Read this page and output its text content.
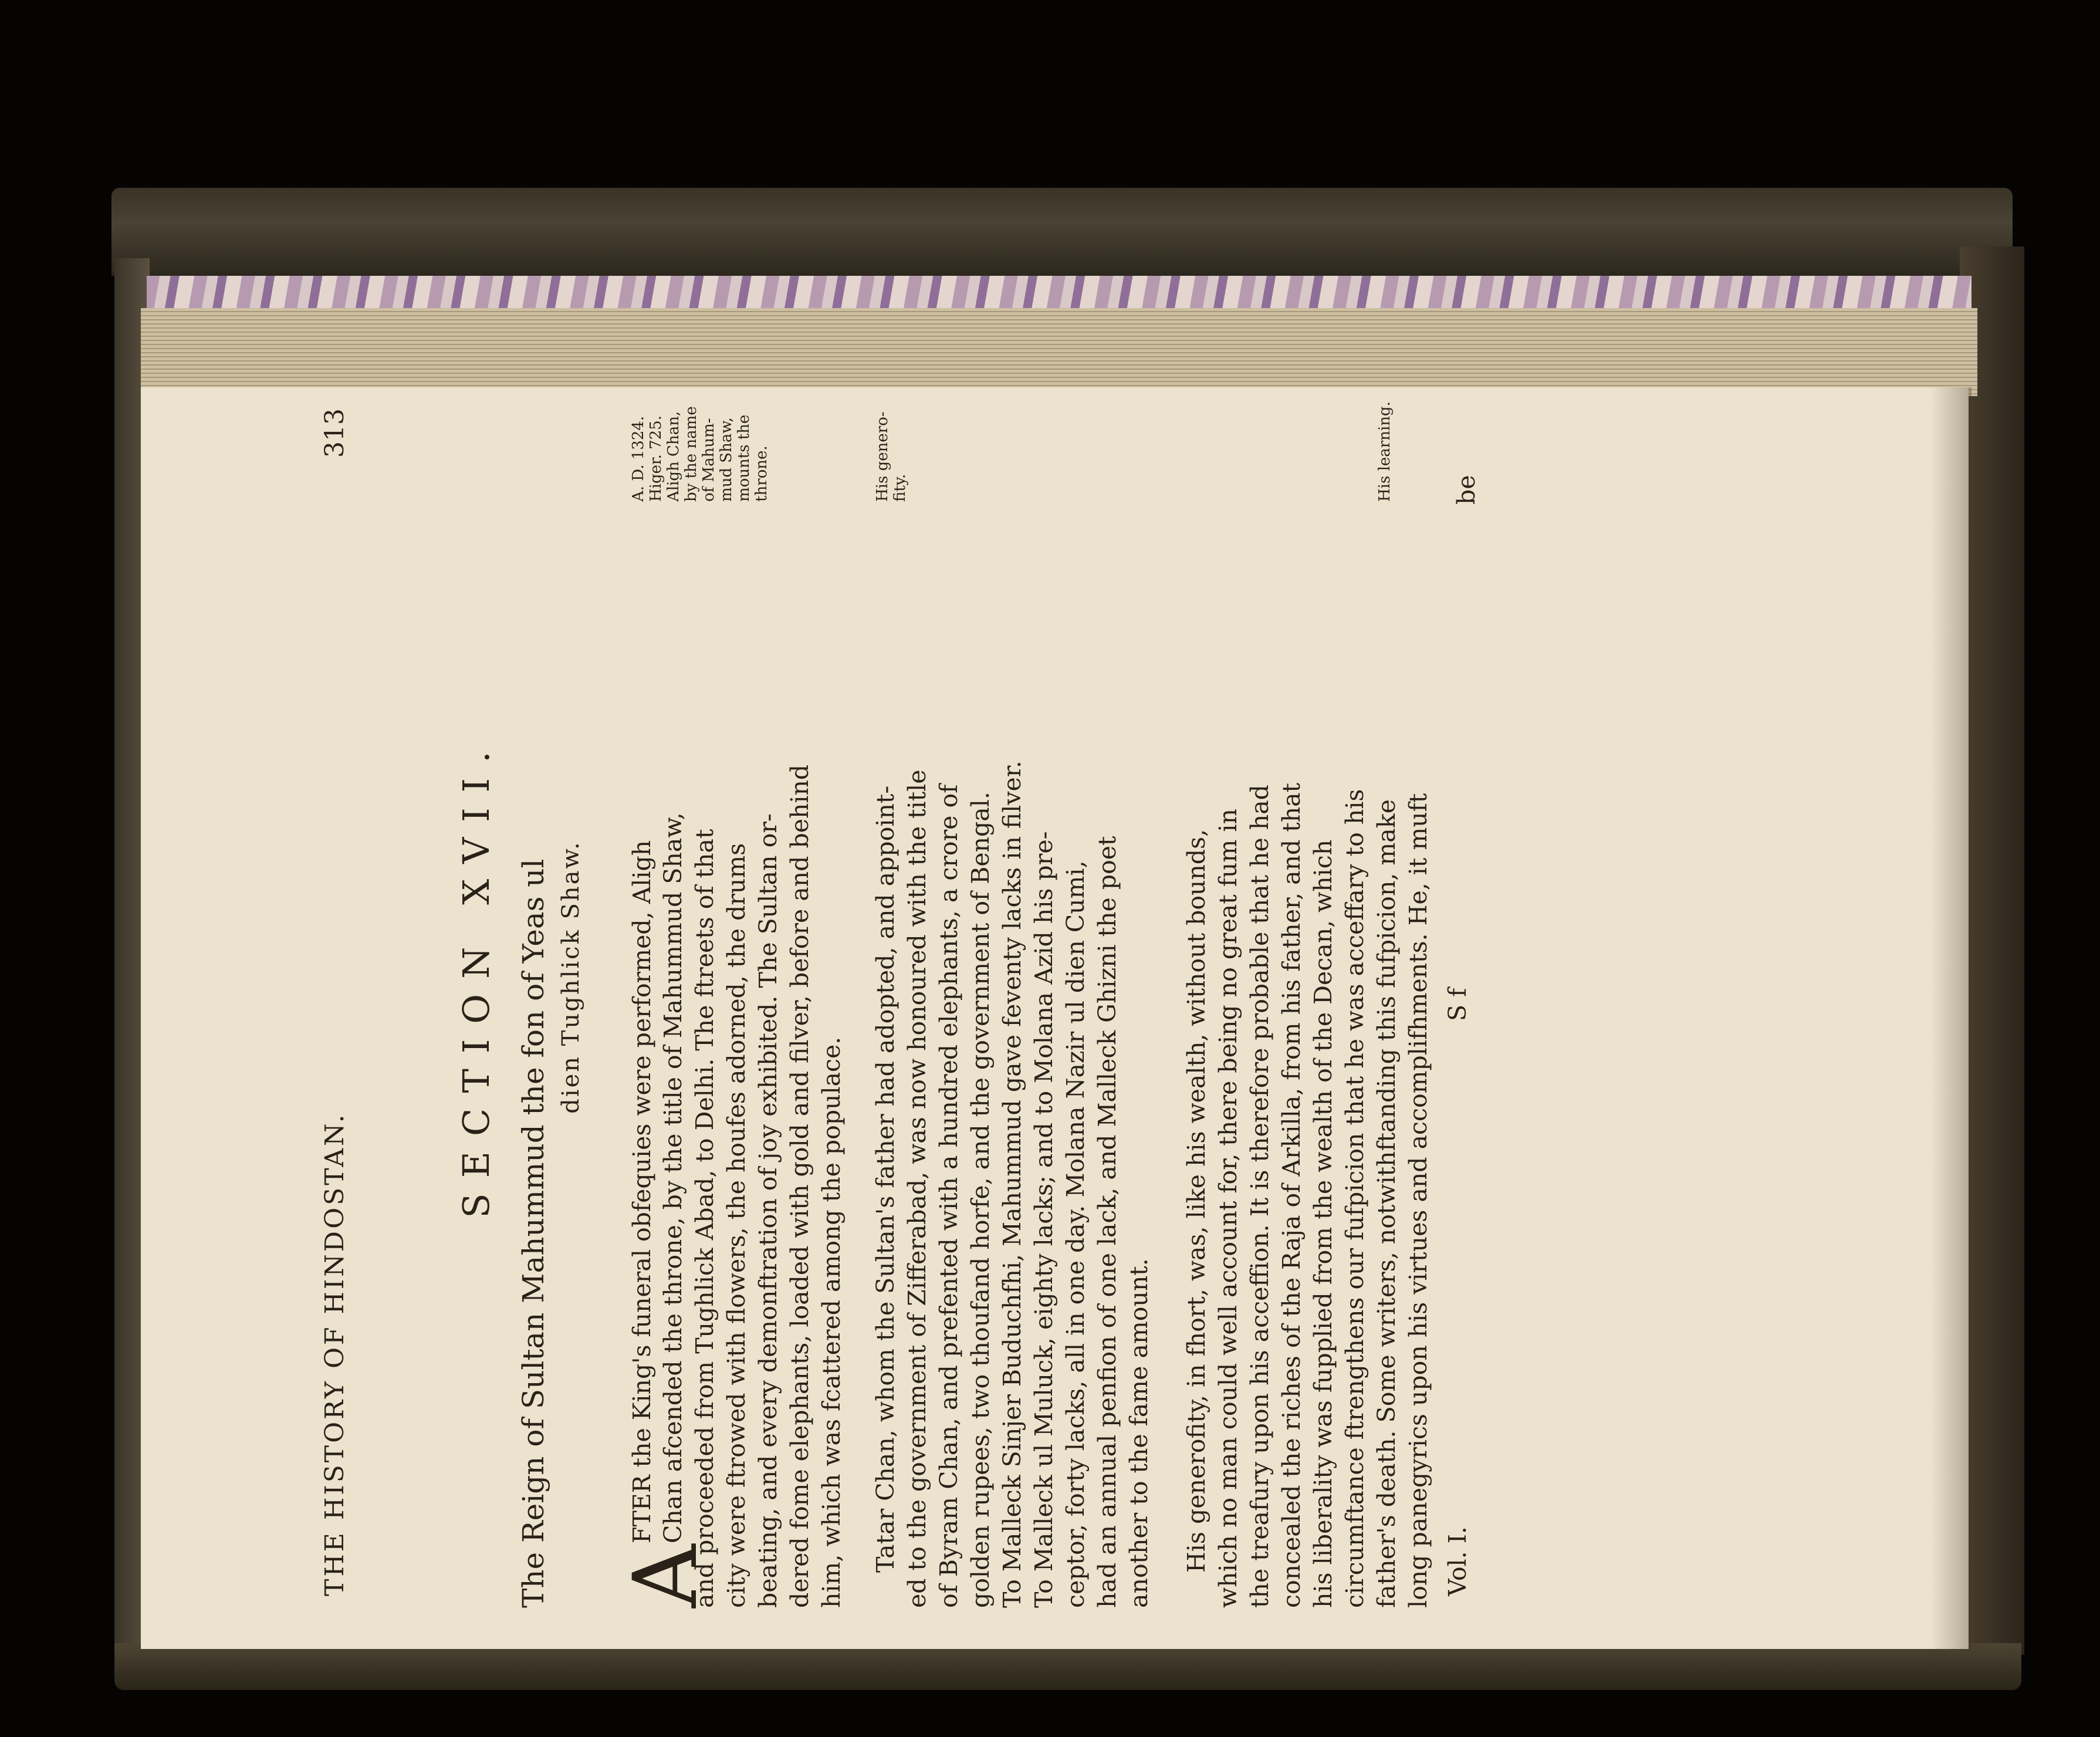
THE HISTORY OF HINDOSTAN.
313
SECTION XVII. The Reign of Sultan Mahummud the fon of Yeas ul dien Tughlick Shaw.
A
FTER the King's funeral obfequies were performed, Aligh Chan afcended the throne, by the title of Mahummud Shaw, and proceeded from Tughlick Abad, to Delhi. The ftreets of that city were ftrowed with flowers, the houfes adorned, the drums beating, and every demonftration of joy exhibited. The Sultan or- dered fome elephants, loaded with gold and filver, before and behind him, which was fcattered among the populace.
A. D. 1324. Higer. 725. Aligh Chan, by the name of Mahum- mud Shaw, mounts the throne.
Tatar Chan, whom the Sultan's father had adopted, and appoint- ed to the government of Zifferabad, was now honoured with the title of Byram Chan, and prefented with a hundred elephants, a crore of golden rupees, two thoufand horfe, and the government of Bengal. To Malleck Sinjer Buduchfhi, Mahummud gave feventy lacks in filver. To Malleck ul Muluck, eighty lacks; and to Molana Azid his pre- ceptor, forty lacks, all in one day. Molana Nazir ul dien Cumi, had an annual penfion of one lack, and Malleck Ghizni the poet another to the fame amount.
His genero- fity.
His generofity, in fhort, was, like his wealth, without bounds, which no man could well account for, there being no great fum in the treafury upon his acceffion. It is therefore probable that he had concealed the riches of the Raja of Arkilla, from his father, and that his liberality was fupplied from the wealth of the Decan, which circumftance ftrengthens our fufpicion that he was acceffary to his father's death. Some writers, notwithftanding this fufpicion, make long panegyrics upon his virtues and accomplifhments. He, it muft
His learning.
Vol. I.
S f
be
